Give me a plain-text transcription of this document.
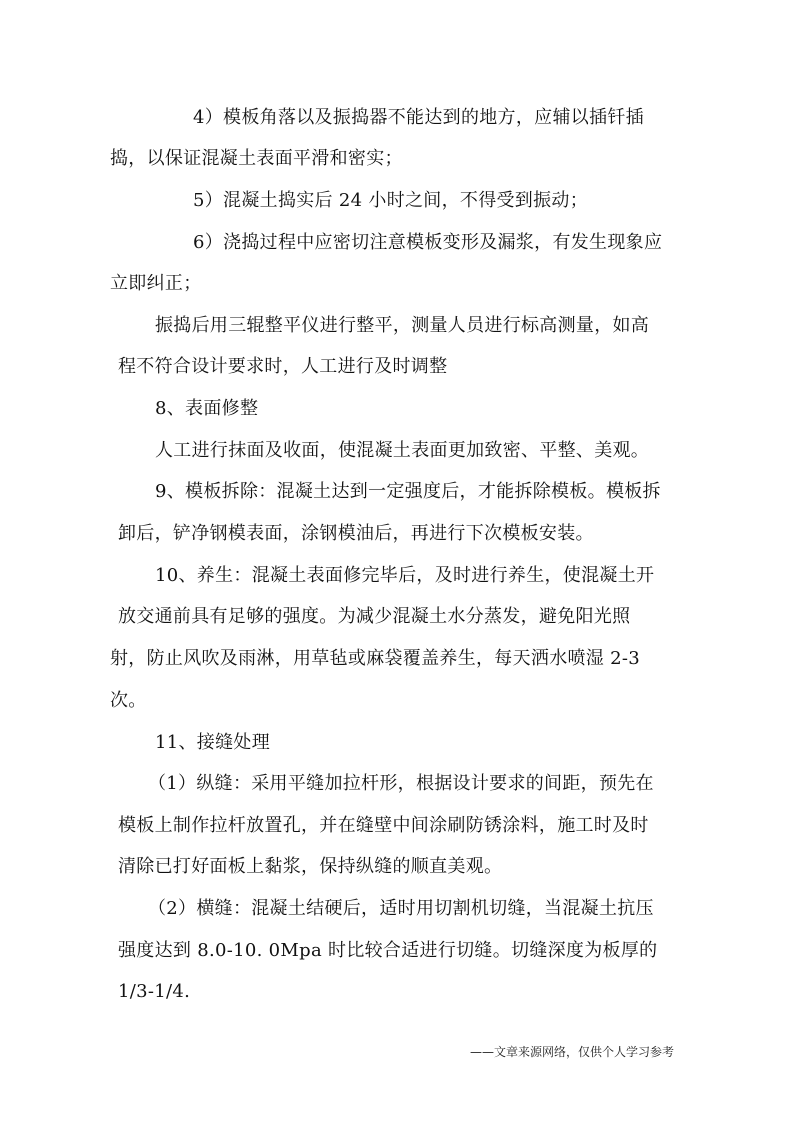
4）模板角落以及振捣器不能达到的地方，应辅以插钎插
捣，以保证混凝土表面平滑和密实；
5）混凝土捣实后 24 小时之间，不得受到振动；
6）浇捣过程中应密切注意模板变形及漏浆，有发生现象应
立即纠正；
振捣后用三辊整平仪进行整平，测量人员进行标高测量，如高
程不符合设计要求时，人工进行及时调整
8、表面修整
人工进行抹面及收面，使混凝土表面更加致密、平整、美观。
9、模板拆除：混凝土达到一定强度后，才能拆除模板。模板拆
卸后，铲净钢模表面，涂钢模油后，再进行下次模板安装。
10、养生：混凝土表面修完毕后，及时进行养生，使混凝土开
放交通前具有足够的强度。为减少混凝土水分蒸发，避免阳光照
射，防止风吹及雨淋，用草毡或麻袋覆盖养生，每天洒水喷湿 2-3
次。
11、接缝处理
（1）纵缝：采用平缝加拉杆形，根据设计要求的间距，预先在
模板上制作拉杆放置孔，并在缝壁中间涂刷防锈涂料，施工时及时
清除已打好面板上黏浆，保持纵缝的顺直美观。
（2）横缝：混凝土结硬后，适时用切割机切缝，当混凝土抗压
强度达到 8.0-10. 0Mpa 时比较合适进行切缝。切缝深度为板厚的
1/3-1/4.
——文章来源网络，仅供个人学习参考
